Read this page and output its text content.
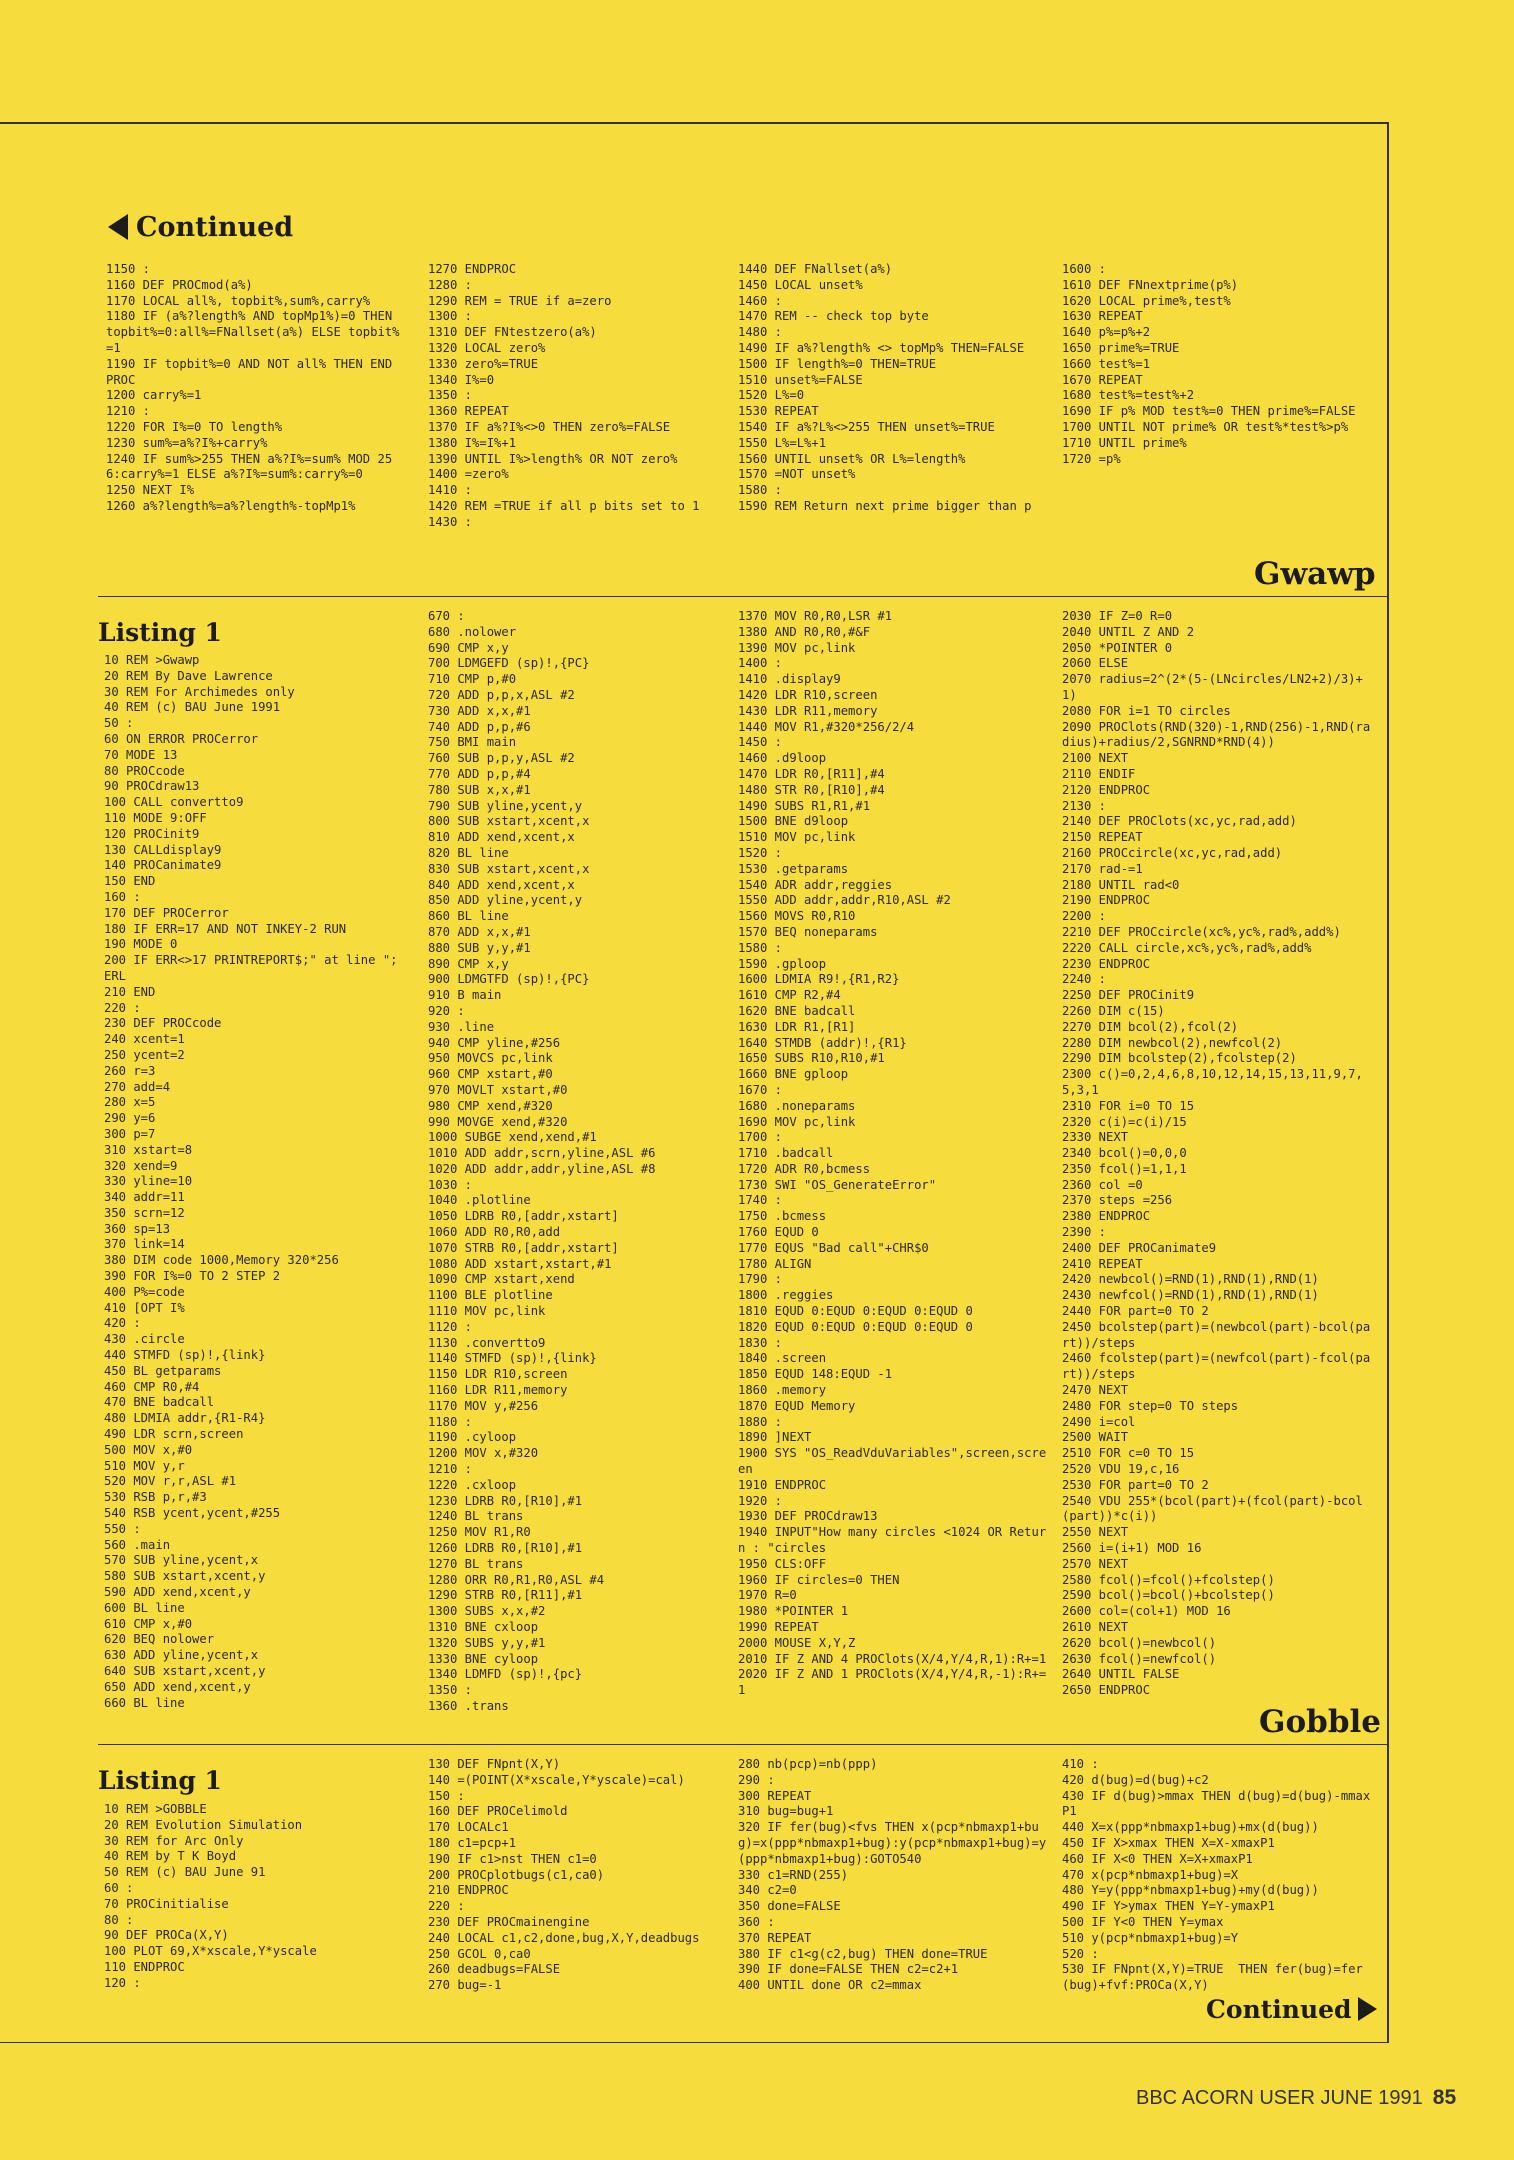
Continued
1150 :
1160 DEF PROCmod(a%)
1170 LOCAL all%, topbit%,sum%,carry%
1180 IF (a%?length% AND topMp1%)=0 THEN topbit%=0:all%=FNallset(a%) ELSE topbit%=1
1190 IF topbit%=0 AND NOT all% THEN END PROC
1200 carry%=1
1210 :
1220 FOR I%=0 TO length%
1230 sum%=a%?I%+carry%
1240 IF sum%>255 THEN a%?I%=sum% MOD 256:carry%=1 ELSE a%?I%=sum%:carry%=0
1250 NEXT I%
1260 a%?length%=a%?length%-topMp1%
1270 ENDPROC
1280 :
1290 REM = TRUE if a=zero
1300 :
1310 DEF FNtestzero(a%)
1320 LOCAL zero%
1330 zero%=TRUE
1340 I%=0
1350 :
1360 REPEAT
1370 IF a%?I%<>0 THEN zero%=FALSE
1380 I%=I%+1
1390 UNTIL I%>length% OR NOT zero%
1400 =zero%
1410 :
1420 REM =TRUE if all p bits set to 1
1430 :
1440 DEF FNallset(a%)
1450 LOCAL unset%
1460 :
1470 REM -- check top byte
1480 :
1490 IF a%?length% <> topMp% THEN=FALSE
1500 IF length%=0 THEN=TRUE
1510 unset%=FALSE
1520 L%=0
1530 REPEAT
1540 IF a%?L%<>255 THEN unset%=TRUE
1550 L%=L%+1
1560 UNTIL unset% OR L%=length%
1570 =NOT unset%
1580 :
1590 REM Return next prime bigger than p
1600 :
1610 DEF FNnextprime(p%)
1620 LOCAL prime%,test%
1630 REPEAT
1640 p%=p%+2
1650 prime%=TRUE
1660 test%=1
1670 REPEAT
1680 test%=test%+2
1690 IF p% MOD test%=0 THEN prime%=FALSE
1700 UNTIL NOT prime% OR test%*test%>p%
1710 UNTIL prime%
1720 =p%
Gwawp
Listing 1
10 REM >Gwawp
20 REM By Dave Lawrence
30 REM For Archimedes only
40 REM (c) BAU June 1991
50 :
60 ON ERROR PROCerror
70 MODE 13
80 PROCcode
90 PROCdraw13
100 CALL converttо9
110 MODE 9:OFF
120 PROCinit9
130 CALLdisplay9
140 PROCanimate9
150 END
160 :
170 DEF PROCerror
180 IF ERR=17 AND NOT INKEY-2 RUN
190 MODE 0
200 IF ERR<>17 PRINTREPORT$;" at line ";ERL
210 END
220 :
230 DEF PROCcode
240 xcent=1
250 ycent=2
260 r=3
270 add=4
280 x=5
290 y=6
300 p=7
310 xstart=8
320 xend=9
330 yline=10
340 addr=11
350 scrn=12
360 sp=13
370 link=14
380 DIM code 1000,Memory 320*256
390 FOR I%=0 TO 2 STEP 2
400 P%=code
410 [OPT I%
420 :
430 .circle
440 STMFD (sp)!,{link}
450 BL getparams
460 CMP R0,#4
470 BNE badcall
480 LDMIA addr,{R1-R4}
490 LDR scrn,screen
500 MOV x,#0
510 MOV y,r
520 MOV r,r,ASL #1
530 RSB p,r,#3
540 RSB ycent,ycent,#255
550 :
560 .main
570 SUB yline,ycent,x
580 SUB xstart,xcent,y
590 ADD xend,xcent,y
600 BL line
610 CMP x,#0
620 BEQ nolower
630 ADD yline,ycent,x
640 SUB xstart,xcent,y
650 ADD xend,xcent,y
660 BL line
670 :
680 .nolower
690 CMP x,y
700 LDMGEFD (sp)!,{PC}
710 CMP p,#0
720 ADD p,p,x,ASL #2
730 ADD x,x,#1
740 ADD p,p,#6
750 BMI main
760 SUB p,p,y,ASL #2
770 ADD p,p,#4
780 SUB x,x,#1
790 SUB yline,ycent,y
800 SUB xstart,xcent,x
810 ADD xend,xcent,x
820 BL line
830 SUB xstart,xcent,x
840 ADD xend,xcent,x
850 ADD yline,ycent,y
860 BL line
870 ADD x,x,#1
880 SUB y,y,#1
890 CMP x,y
900 LDMGTFD (sp)!,{PC}
910 B main
920 :
930 .line
940 CMP yline,#256
950 MOVCS pc,link
960 CMP xstart,#0
970 MOVLT xstart,#0
980 CMP xend,#320
990 MOVGE xend,#320
1000 SUBGE xend,xend,#1
1010 ADD addr,scrn,yline,ASL #6
1020 ADD addr,addr,yline,ASL #8
1030 :
1040 .plotline
1050 LDRB R0,[addr,xstart]
1060 ADD R0,R0,add
1070 STRB R0,[addr,xstart]
1080 ADD xstart,xstart,#1
1090 CMP xstart,xend
1100 BLE plotline
1110 MOV pc,link
1120 :
1130 .converttо9
1140 STMFD (sp)!,{link}
1150 LDR R10,screen
1160 LDR R11,memory
1170 MOV y,#256
1180 :
1190 .cyloop
1200 MOV x,#320
1210 :
1220 .cxloop
1230 LDRB R0,[R10],#1
1240 BL trans
1250 MOV R1,R0
1260 LDRB R0,[R10],#1
1270 BL trans
1280 ORR R0,R1,R0,ASL #4
1290 STRB R0,[R11],#1
1300 SUBS x,x,#2
1310 BNE cxloop
1320 SUBS y,y,#1
1330 BNE cyloop
1340 LDMFD (sp)!,{pc}
1350 :
1360 .trans
1370 MOV R0,R0,LSR #1
1380 AND R0,R0,#&F
1390 MOV pc,link
1400 :
1410 .display9
1420 LDR R10,screen
1430 LDR R11,memory
1440 MOV R1,#320*256/2/4
1450 :
1460 .d9loop
1470 LDR R0,[R11],#4
1480 STR R0,[R10],#4
1490 SUBS R1,R1,#1
1500 BNE d9loop
1510 MOV pc,link
1520 :
1530 .getparams
1540 ADR addr,reggies
1550 ADD addr,addr,R10,ASL #2
1560 MOVS R0,R10
1570 BEQ noneparams
1580 :
1590 .gploop
1600 LDMIA R9!,{R1,R2}
1610 CMP R2,#4
1620 BNE badcall
1630 LDR R1,[R1]
1640 STMDB (addr)!,{R1}
1650 SUBS R10,R10,#1
1660 BNE gploop
1670 :
1680 .noneparams
1690 MOV pc,link
1700 :
1710 .badcall
1720 ADR R0,bcmess
1730 SWI "OS_GenerateError"
1740 :
1750 .bcmess
1760 EQUD 0
1770 EQUS "Bad call"+CHR$0
1780 ALIGN
1790 :
1800 .reggies
1810 EQUD 0:EQUD 0:EQUD 0:EQUD 0
1820 EQUD 0:EQUD 0:EQUD 0:EQUD 0
1830 :
1840 .screen
1850 EQUD 148:EQUD -1
1860 .memory
1870 EQUD Memory
1880 :
1890 ]NEXT
1900 SYS "OS_ReadVduVariables",screen,screen
1910 ENDPROC
1920 :
1930 DEF PROCdraw13
1940 INPUT"How many circles <1024 OR Return : "circles
1950 CLS:OFF
1960 IF circles=0 THEN
1970 R=0
1980 *POINTER 1
1990 REPEAT
2000 MOUSE X,Y,Z
2010 IF Z AND 4 PROClots(X/4,Y/4,R,1):R+=1
2020 IF Z AND 1 PROClots(X/4,Y/4,R,-1):R+=1
2030 IF Z=0 R=0
2040 UNTIL Z AND 2
2050 *POINTER 0
2060 ELSE
2070 radius=2^(2*(5-(LNcircles/LN2+2)/3)+1)
2080 FOR i=1 TO circles
2090 PROClots(RND(320)-1,RND(256)-1,RND(radius)+radius/2,SGNRND*RND(4))
2100 NEXT
2110 ENDIF
2120 ENDPROC
2130 :
2140 DEF PROClots(xc,yc,rad,add)
2150 REPEAT
2160 PROCcircle(xc,yc,rad,add)
2170 rad-=1
2180 UNTIL rad<0
2190 ENDPROC
2200 :
2210 DEF PROCcircle(xc%,yc%,rad%,add%)
2220 CALL circle,xc%,yc%,rad%,add%
2230 ENDPROC
2240 :
2250 DEF PROCinit9
2260 DIM c(15)
2270 DIM bcol(2),fcol(2)
2280 DIM newbcol(2),newfcol(2)
2290 DIM bcolstep(2),fcolstep(2)
2300 c()=0,2,4,6,8,10,12,14,15,13,11,9,7,5,3,1
2310 FOR i=0 TO 15
2320 c(i)=c(i)/15
2330 NEXT
2340 bcol()=0,0,0
2350 fcol()=1,1,1
2360 col =0
2370 steps =256
2380 ENDPROC
2390 :
2400 DEF PROCanimate9
2410 REPEAT
2420 newbcol()=RND(1),RND(1),RND(1)
2430 newfcol()=RND(1),RND(1),RND(1)
2440 FOR part=0 TO 2
2450 bcolstep(part)=(newbcol(part)-bcol(part))/steps
2460 fcolstep(part)=(newfcol(part)-fcol(part))/steps
2470 NEXT
2480 FOR step=0 TO steps
2490 i=col
2500 WAIT
2510 FOR c=0 TO 15
2520 VDU 19,c,16
2530 FOR part=0 TO 2
2540 VDU 255*(bcol(part)+(fcol(part)-bcol(part))*c(i))
2550 NEXT
2560 i=(i+1) MOD 16
2570 NEXT
2580 fcol()=fcol()+fcolstep()
2590 bcol()=bcol()+bcolstep()
2600 col=(col+1) MOD 16
2610 NEXT
2620 bcol()=newbcol()
2630 fcol()=newfcol()
2640 UNTIL FALSE
2650 ENDPROC
Gobble
Listing 1
10 REM >GOBBLE
20 REM Evolution Simulation
30 REM for Arc Only
40 REM by T K Boyd
50 REM (c) BAU June 91
60 :
70 PROCinitialise
80 :
90 DEF PROCa(X,Y)
100 PLOT 69,X*xscale,Y*yscale
110 ENDPROC
120 :
130 DEF FNpnt(X,Y)
140 =(POINT(X*xscale,Y*yscale)=cal)
150 :
160 DEF PROCelimold
170 LOCALc1
180 c1=pcp+1
190 IF c1>nst THEN c1=0
200 PROCplotbugs(c1,ca0)
210 ENDPROC
220 :
230 DEF PROCmainengine
240 LOCAL c1,c2,done,bug,X,Y,deadbugs
250 GCOL 0,ca0
260 deadbugs=FALSE
270 bug=-1
280 nb(pcp)=nb(ppp)
290 :
300 REPEAT
310 bug=bug+1
320 IF fer(bug)<fvs THEN x(pcp*nbmaxp1+bug)=x(ppp*nbmaxp1+bug):y(pcp*nbmaxp1+bug)=y(ppp*nbmaxp1+bug):GOTO540
330 c1=RND(255)
340 c2=0
350 done=FALSE
360 :
370 REPEAT
380 IF c1<g(c2,bug) THEN done=TRUE
390 IF done=FALSE THEN c2=c2+1
400 UNTIL done OR c2=mmax
410 :
420 d(bug)=d(bug)+c2
430 IF d(bug)>mmax THEN d(bug)=d(bug)-mmaxP1
440 X=x(ppp*nbmaxp1+bug)+mx(d(bug))
450 IF X>xmax THEN X=X-xmaxP1
460 IF X<0 THEN X=X+xmaxP1
470 x(pcp*nbmaxp1+bug)=X
480 Y=y(ppp*nbmaxp1+bug)+my(d(bug))
490 IF Y>ymax THEN Y=Y-ymaxP1
500 IF Y<0 THEN Y=ymax
510 y(pcp*nbmaxp1+bug)=Y
520 :
530 IF FNpnt(X,Y)=TRUE  THEN fer(bug)=fer(bug)+fvf:PROCa(X,Y)
Continued
BBC ACORN USER JUNE 1991 85
